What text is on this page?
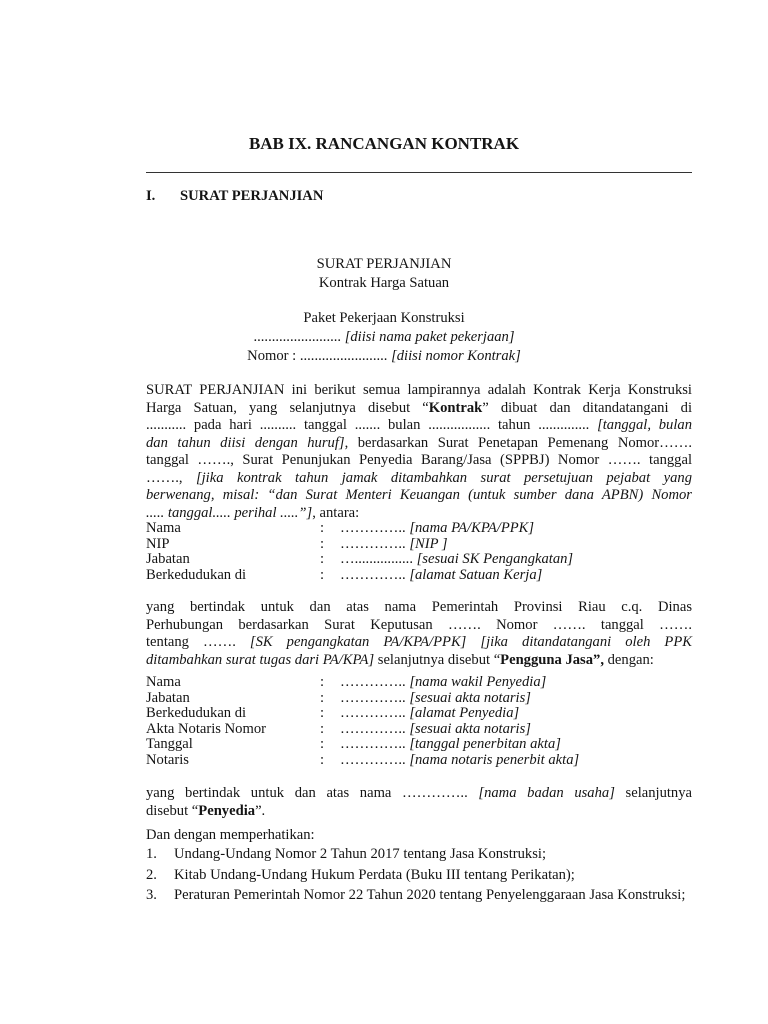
BAB IX. RANCANGAN KONTRAK
I. SURAT PERJANJIAN
SURAT PERJANJIAN
Kontrak Harga Satuan
Paket Pekerjaan Konstruksi
........................ [diisi nama paket pekerjaan]
Nomor : ........................ [diisi nomor Kontrak]
SURAT PERJANJIAN ini berikut semua lampirannya adalah Kontrak Kerja Konstruksi
Harga Satuan, yang selanjutnya disebut “Kontrak” dibuat dan ditandatangani di
........... pada hari .......... tanggal ....... bulan ................. tahun .............. [tanggal, bulan
dan tahun diisi dengan huruf], berdasarkan Surat Penetapan Pemenang Nomor…….
tanggal ……., Surat Penunjukan Penyedia Barang/Jasa (SPPBJ) Nomor ……. tanggal
……., [jika kontrak tahun jamak ditambahkan surat persetujuan pejabat yang
berwenang, misal: “dan Surat Menteri Keuangan (untuk sumber dana APBN) Nomor
..... tanggal..... perihal .....”], antara:
Nama	:	………….. [nama PA/KPA/PPK]
NIP	:	………….. [NIP ]
Jabatan	:	…................ [sesuai SK Pengangkatan]
Berkedudukan di	:	………….. [alamat Satuan Kerja]
yang bertindak untuk dan atas nama Pemerintah Provinsi Riau c.q. Dinas
Perhubungan berdasarkan Surat Keputusan ……. Nomor ……. tanggal …….
tentang ……. [SK pengangkatan PA/KPA/PPK] [jika ditandatangani oleh PPK
ditambahkan surat tugas dari PA/KPA] selanjutnya disebut “Pengguna Jasa”, dengan:
Nama	:	………….. [nama wakil Penyedia]
Jabatan	:	………….. [sesuai akta notaris]
Berkedudukan di	:	………….. [alamat Penyedia]
Akta Notaris Nomor	:	………….. [sesuai akta notaris]
Tanggal	:	………….. [tanggal penerbitan akta]
Notaris	:	………….. [nama notaris penerbit akta]
yang bertindak untuk dan atas nama ………….. [nama badan usaha] selanjutnya
disebut “Penyedia”.
Dan dengan memperhatikan:
1.	Undang-Undang Nomor 2 Tahun 2017 tentang Jasa Konstruksi;
2.	Kitab Undang-Undang Hukum Perdata (Buku III tentang Perikatan);
3.	Peraturan Pemerintah Nomor 22 Tahun 2020 tentang Penyelenggaraan Jasa Konstruksi;
